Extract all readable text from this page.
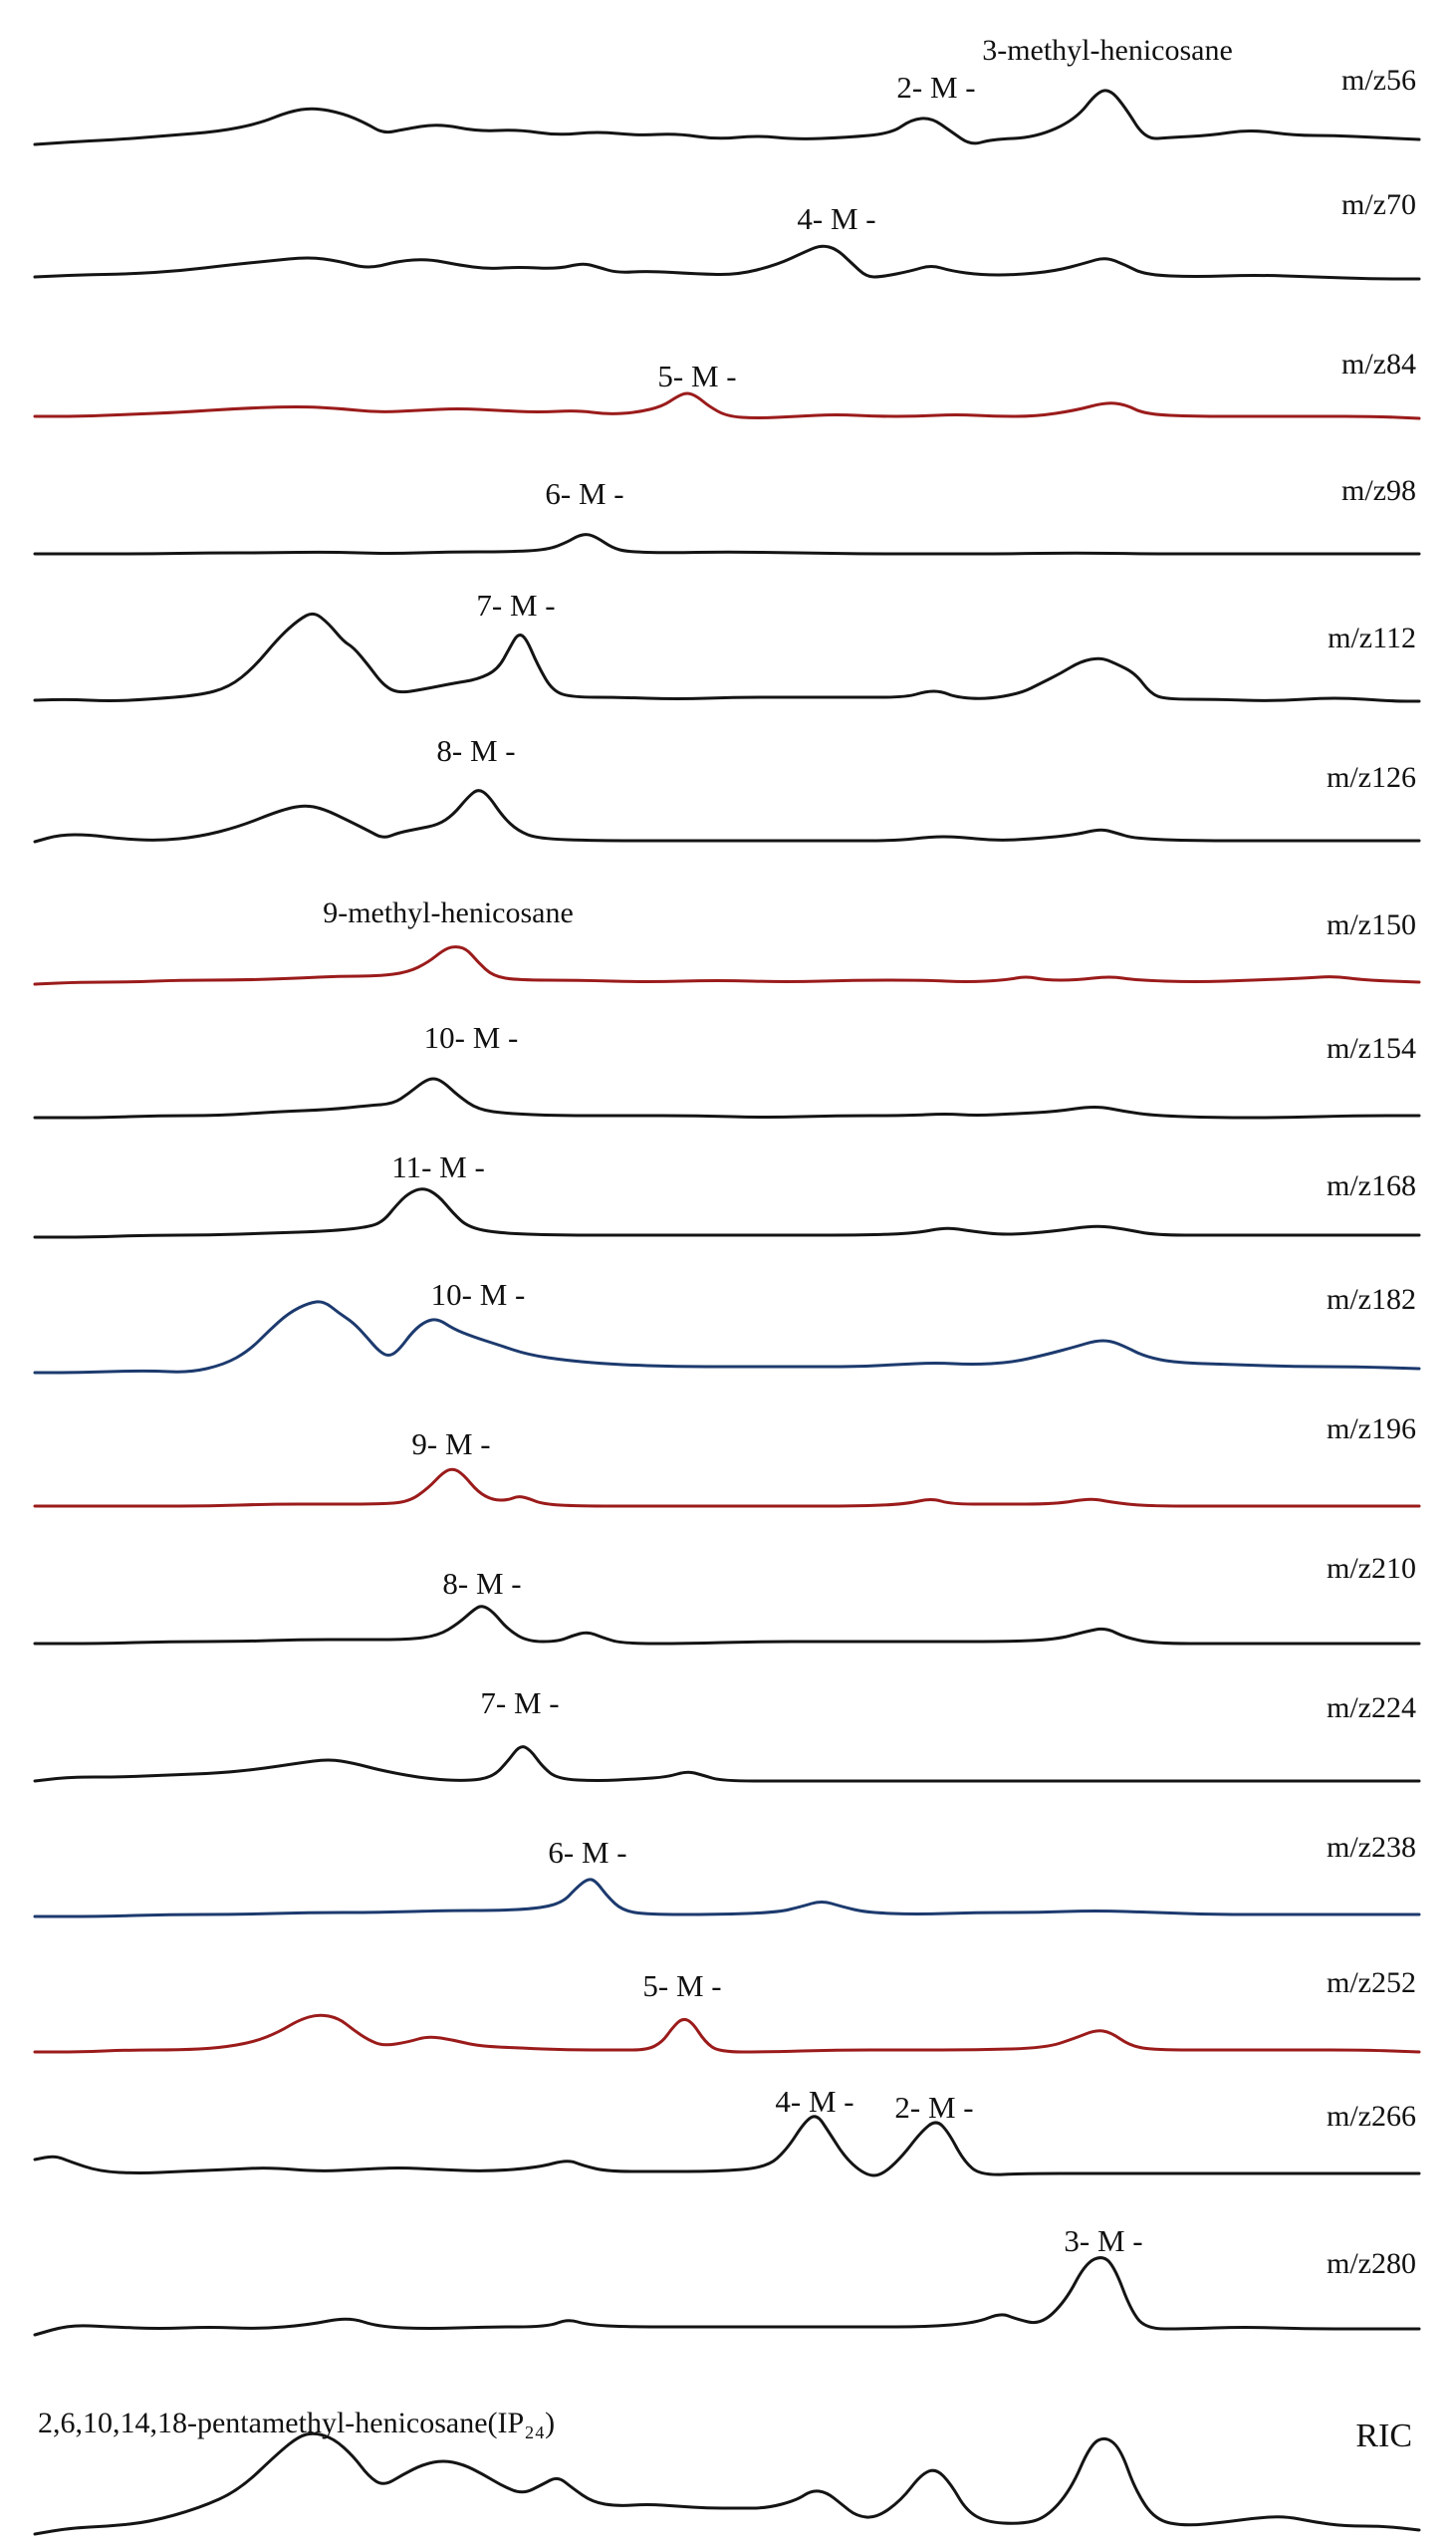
m/z56
3-methyl-henicosane
2- M -
m/z70
4- M -
m/z84
5- M -
m/z98
6- M -
m/z112
7- M -
m/z126
8- M -
m/z150
9-methyl-henicosane
m/z154
10- M -
m/z168
11- M -
m/z182
10- M -
m/z196
9- M -
m/z210
8- M -
m/z224
7- M -
m/z238
6- M -
m/z252
5- M -
m/z266
4- M - 2- M -
m/z280
3- M -
RIC
2,6,10,14,18-pentamethyl-henicosane(IP₂₄)
